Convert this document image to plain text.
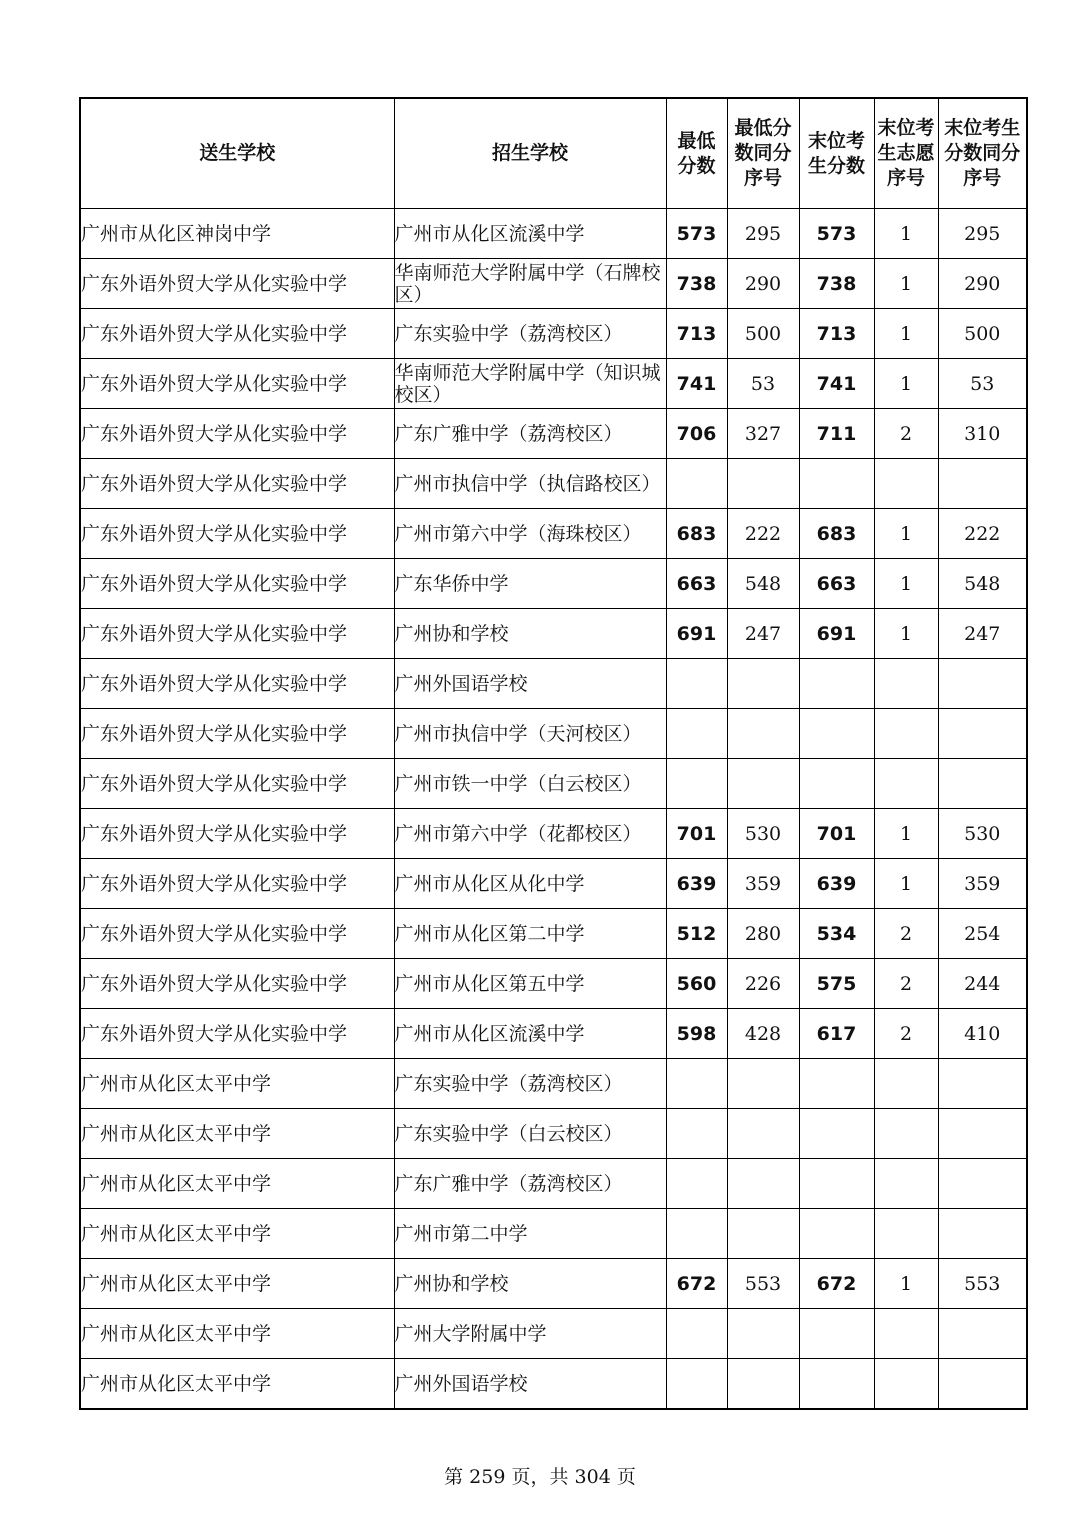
送生学校	招生学校	最低分数	最低分数同分序号	末位考生分数	末位考生志愿序号	末位考生分数同分序号
广州市从化区神岗中学	广州市从化区流溪中学	573	295	573	1	295
广东外语外贸大学从化实验中学	华南师范大学附属中学（石牌校区）	738	290	738	1	290
广东外语外贸大学从化实验中学	广东实验中学（荔湾校区）	713	500	713	1	500
广东外语外贸大学从化实验中学	华南师范大学附属中学（知识城校区）	741	53	741	1	53
广东外语外贸大学从化实验中学	广东广雅中学（荔湾校区）	706	327	711	2	310
广东外语外贸大学从化实验中学	广州市执信中学（执信路校区）					
广东外语外贸大学从化实验中学	广州市第六中学（海珠校区）	683	222	683	1	222
广东外语外贸大学从化实验中学	广东华侨中学	663	548	663	1	548
广东外语外贸大学从化实验中学	广州协和学校	691	247	691	1	247
广东外语外贸大学从化实验中学	广州外国语学校					
广东外语外贸大学从化实验中学	广州市执信中学（天河校区）					
广东外语外贸大学从化实验中学	广州市铁一中学（白云校区）					
广东外语外贸大学从化实验中学	广州市第六中学（花都校区）	701	530	701	1	530
广东外语外贸大学从化实验中学	广州市从化区从化中学	639	359	639	1	359
广东外语外贸大学从化实验中学	广州市从化区第二中学	512	280	534	2	254
广东外语外贸大学从化实验中学	广州市从化区第五中学	560	226	575	2	244
广东外语外贸大学从化实验中学	广州市从化区流溪中学	598	428	617	2	410
广州市从化区太平中学	广东实验中学（荔湾校区）					
广州市从化区太平中学	广东实验中学（白云校区）					
广州市从化区太平中学	广东广雅中学（荔湾校区）					
广州市从化区太平中学	广州市第二中学					
广州市从化区太平中学	广州协和学校	672	553	672	1	553
广州市从化区太平中学	广州大学附属中学					
广州市从化区太平中学	广州外国语学校					
第 259 页，共 304 页
